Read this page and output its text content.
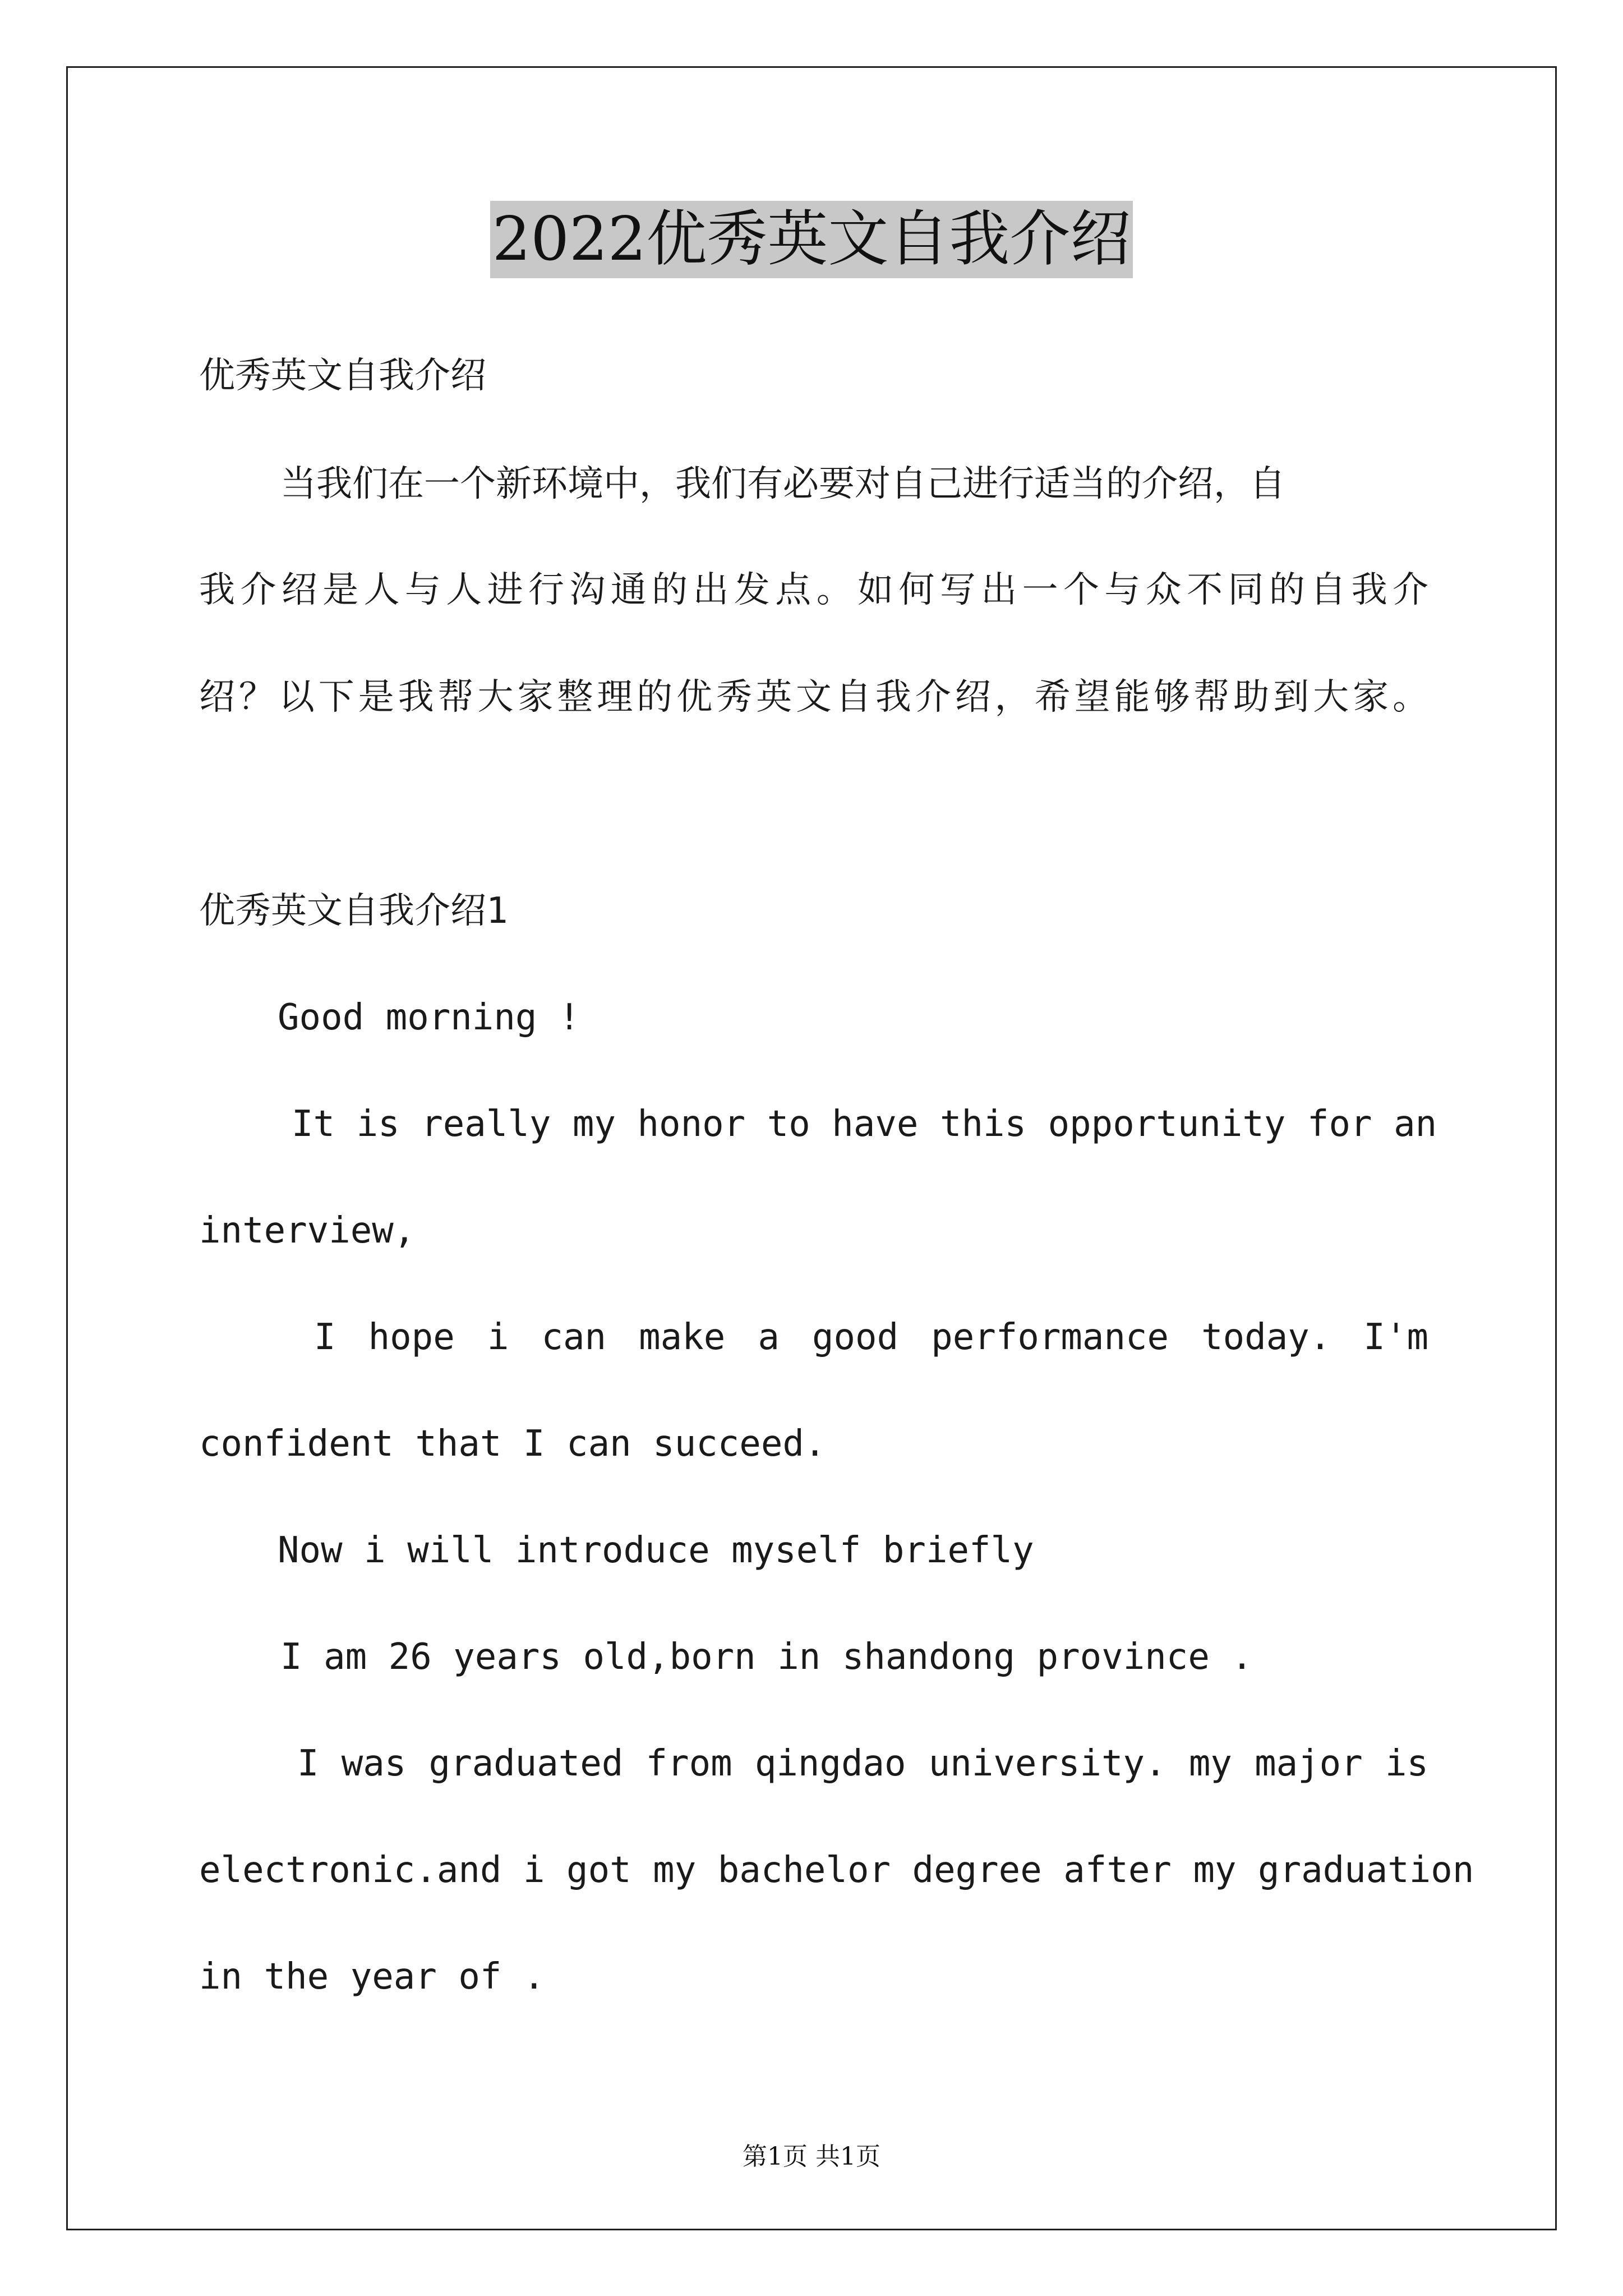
2022优秀英文自我介绍
优秀英文自我介绍
当我们在一个新环境中，我们有必要对自己进行适当的介绍，自
我介绍是人与人进行沟通的出发点。如何写出一个与众不同的自我介
绍？以下是我帮大家整理的优秀英文自我介绍，希望能够帮助到大家。
优秀英文自我介绍1
Good morning !
It is really my honor to have this opportunity for an
interview,
I hope i can make a good performance today. I'm
confident that I can succeed.
Now i will introduce myself briefly
I am 26 years old,born in shandong province .
I was graduated from qingdao university. my major is
electronic.and i got my bachelor degree after my graduation
in the year of .
第1页 共1页
